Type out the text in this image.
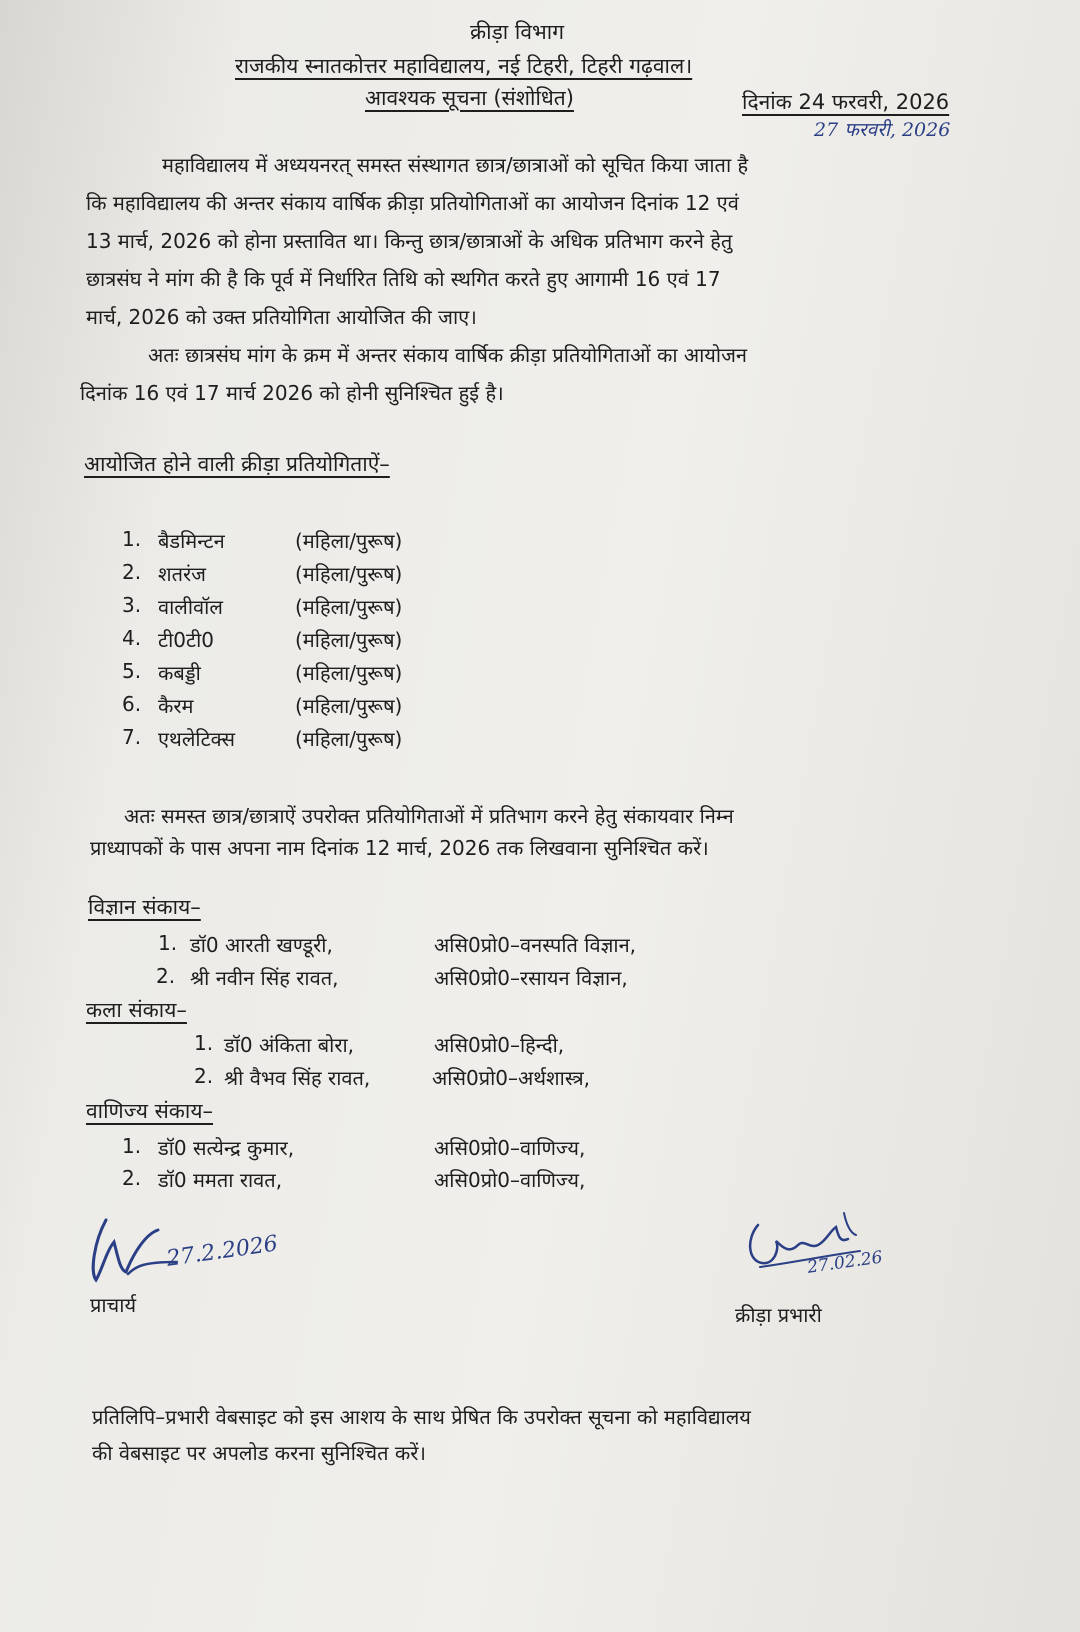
क्रीड़ा विभाग
राजकीय स्नातकोत्तर महाविद्यालय, नई टिहरी, टिहरी गढ़वाल।
आवश्यक सूचना (संशोधित)	दिनांक 24 फरवरी, 2026
27 फरवरी, 2026
महाविद्यालय में अध्ययनरत् समस्त संस्थागत छात्र/छात्राओं को सूचित किया जाता है
कि महाविद्यालय की अन्तर संकाय वार्षिक क्रीड़ा प्रतियोगिताओं का आयोजन दिनांक 12 एवं
13 मार्च, 2026 को होना प्रस्तावित था। किन्तु छात्र/छात्राओं के अधिक प्रतिभाग करने हेतु
छात्रसंघ ने मांग की है कि पूर्व में निर्धारित तिथि को स्थगित करते हुए आगामी 16 एवं 17
मार्च, 2026 को उक्त प्रतियोगिता आयोजित की जाए।
अतः छात्रसंघ मांग के क्रम में अन्तर संकाय वार्षिक क्रीड़ा प्रतियोगिताओं का आयोजन
दिनांक 16 एवं 17 मार्च 2026 को होनी सुनिश्चित हुई है।
आयोजित होने वाली क्रीड़ा प्रतियोगिताऐं–
1. बैडमिन्टन	(महिला/पुरूष)
2. शतरंज	(महिला/पुरूष)
3. वालीवॉल	(महिला/पुरूष)
4. टी0टी0	(महिला/पुरूष)
5. कबड्डी	(महिला/पुरूष)
6. कैरम	(महिला/पुरूष)
7. एथलेटिक्स	(महिला/पुरूष)
अतः समस्त छात्र/छात्राऐं उपरोक्त प्रतियोगिताओं में प्रतिभाग करने हेतु संकायवार निम्न
प्राध्यापकों के पास अपना नाम दिनांक 12 मार्च, 2026 तक लिखवाना सुनिश्चित करें।
विज्ञान संकाय–
1. डॉ0 आरती खण्डूरी,	असि0प्रो0–वनस्पति विज्ञान,
2. श्री नवीन सिंह रावत,	असि0प्रो0–रसायन विज्ञान,
कला संकाय–
1. डॉ0 अंकिता बोरा,	असि0प्रो0–हिन्दी,
2. श्री वैभव सिंह रावत,	असि0प्रो0–अर्थशास्त्र,
वाणिज्य संकाय–
1. डॉ0 सत्येन्द्र कुमार,	असि0प्रो0–वाणिज्य,
2. डॉ0 ममता रावत,	असि0प्रो0–वाणिज्य,
27.2.2026
प्राचार्य
27.02.26
क्रीड़ा प्रभारी
प्रतिलिपि–प्रभारी वेबसाइट को इस आशय के साथ प्रेषित कि उपरोक्त सूचना को महाविद्यालय
की वेबसाइट पर अपलोड करना सुनिश्चित करें।
